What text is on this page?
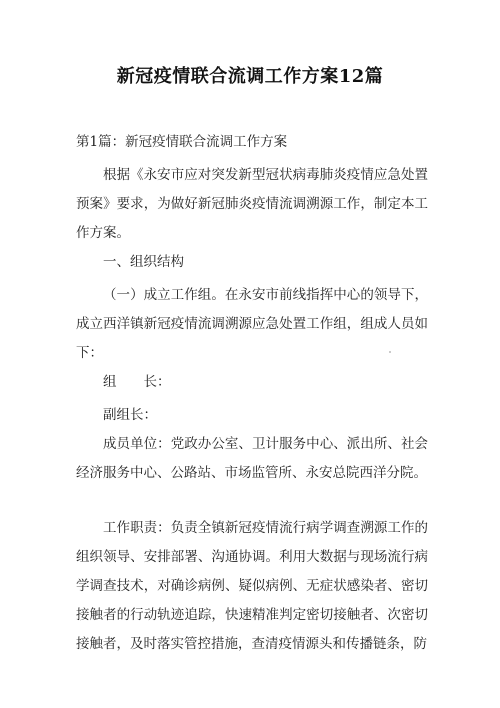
新冠疫情联合流调工作方案12篇

第1篇：新冠疫情联合流调工作方案

根据《永安市应对突发新型冠状病毒肺炎疫情应急处置预案》要求，为做好新冠肺炎疫情流调溯源工作，制定本工作方案。

一、组织结构

（一）成立工作组。在永安市前线指挥中心的领导下，成立西洋镇新冠疫情流调溯源应急处置工作组，组成人员如下：

组　　长：

副组长：

成员单位：党政办公室、卫计服务中心、派出所、社会经济服务中心、公路站、市场监管所、永安总院西洋分院。

工作职责：负责全镇新冠疫情流行病学调查溯源工作的组织领导、安排部署、沟通协调。利用大数据与现场流行病学调查技术，对确诊病例、疑似病例、无症状感染者、密切接触者的行动轨迹追踪，快速精准判定密切接触者、次密切接触者，及时落实管控措施，查清疫情源头和传播链条，防
